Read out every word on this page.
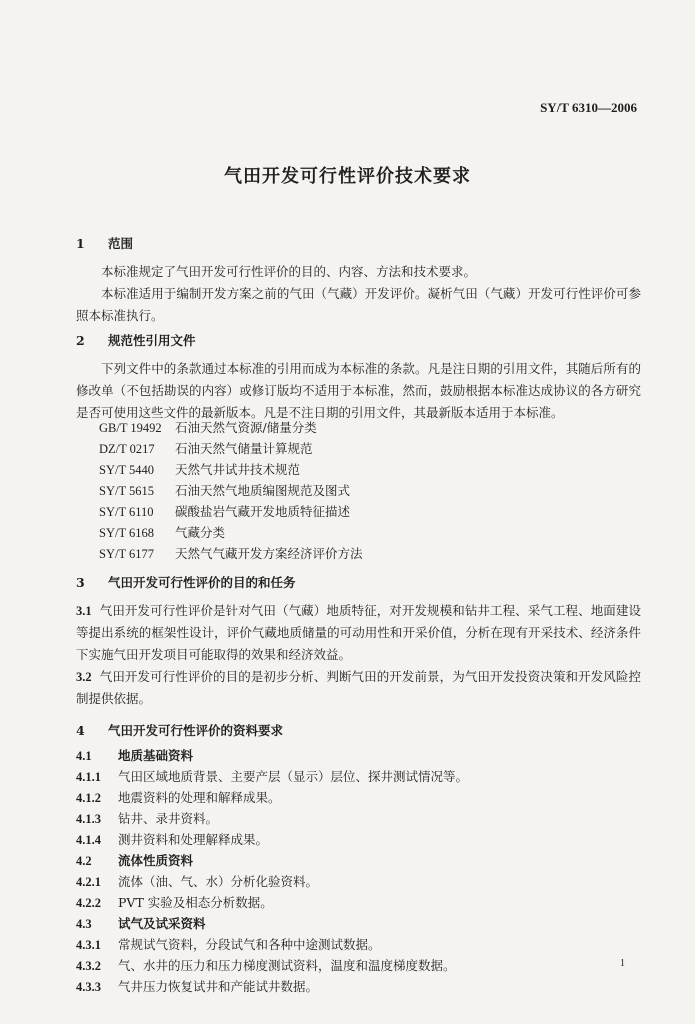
SY/T 6310—2006
气田开发可行性评价技术要求
1 范围
本标准规定了气田开发可行性评价的目的、内容、方法和技术要求。
本标准适用于编制开发方案之前的气田（气藏）开发评价。凝析气田（气藏）开发可行性评价可参照本标准执行。
2 规范性引用文件
下列文件中的条款通过本标准的引用而成为本标准的条款。凡是注日期的引用文件，其随后所有的修改单（不包括勘误的内容）或修订版均不适用于本标准，然而，鼓励根据本标准达成协议的各方研究是否可使用这些文件的最新版本。凡是不注日期的引用文件，其最新版本适用于本标准。
GB/T 19492 石油天然气资源/储量分类
DZ/T 0217 石油天然气储量计算规范
SY/T 5440 天然气井试井技术规范
SY/T 5615 石油天然气地质编图规范及图式
SY/T 6110 碳酸盐岩气藏开发地质特征描述
SY/T 6168 气藏分类
SY/T 6177 天然气气藏开发方案经济评价方法
3 气田开发可行性评价的目的和任务
3.1 气田开发可行性评价是针对气田（气藏）地质特征，对开发规模和钻井工程、采气工程、地面建设等提出系统的框架性设计，评价气藏地质储量的可动用性和开采价值，分析在现有开采技术、经济条件下实施气田开发项目可能取得的效果和经济效益。
3.2 气田开发可行性评价的目的是初步分析、判断气田的开发前景，为气田开发投资决策和开发风险控制提供依据。
4 气田开发可行性评价的资料要求
4.1 地质基础资料
4.1.1 气田区域地质背景、主要产层（显示）层位、探井测试情况等。
4.1.2 地震资料的处理和解释成果。
4.1.3 钻井、录井资料。
4.1.4 测井资料和处理解释成果。
4.2 流体性质资料
4.2.1 流体（油、气、水）分析化验资料。
4.2.2 PVT 实验及相态分析数据。
4.3 试气及试采资料
4.3.1 常规试气资料，分段试气和各种中途测试数据。
4.3.2 气、水井的压力和压力梯度测试资料，温度和温度梯度数据。
4.3.3 气井压力恢复试井和产能试井数据。
1
